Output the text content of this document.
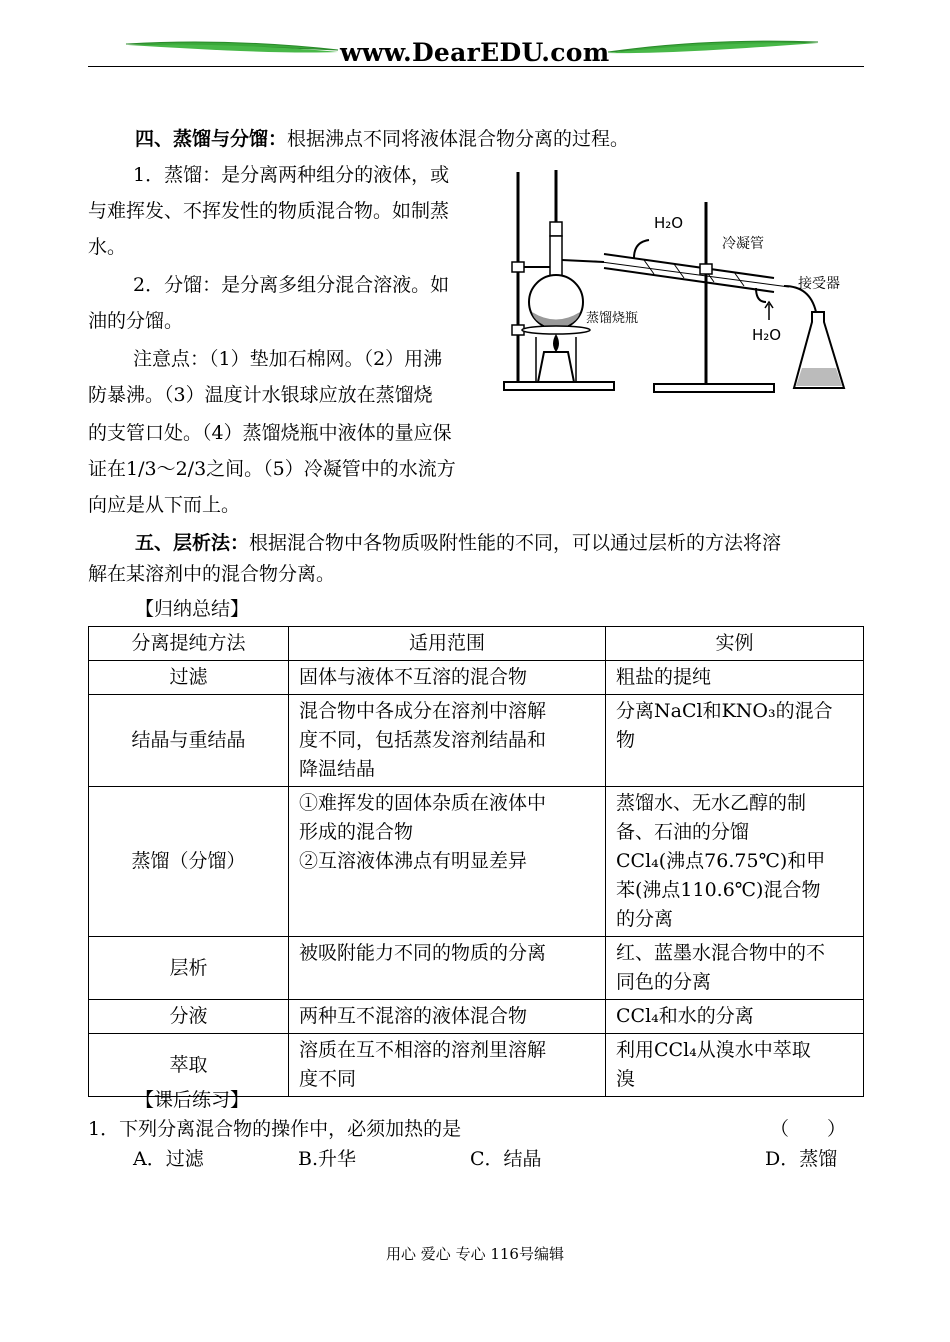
www.DearEDU.com
四、蒸馏与分馏：根据沸点不同将液体混合物分离的过程。
1．蒸馏：是分离两种组分的液体，或
与难挥发、不挥发性的物质混合物。如制蒸
水。
2．分馏：是分离多组分混合溶液。如
油的分馏。
注意点：（1）垫加石棉网。（2）用沸
防暴沸。（3）温度计水银球应放在蒸馏烧
的支管口处。（4）蒸馏烧瓶中液体的量应保
证在1/3～2/3之间。（5）冷凝管中的水流方
向应是从下而上。
H₂O
冷凝管
接受器
蒸馏烧瓶
H₂O
五、层析法：根据混合物中各物质吸附性能的不同，可以通过层析的方法将溶
解在某溶剂中的混合物分离。
【归纳总结】
分离提纯方法	适用范围	实例
过滤	固体与液体不互溶的混合物	粗盐的提纯
结晶与重结晶	混合物中各成分在溶剂中溶解
度不同，包括蒸发溶剂结晶和
降温结晶	分离NaCl和KNO₃的混合
物
蒸馏（分馏）	①难挥发的固体杂质在液体中
形成的混合物
②互溶液体沸点有明显差异	蒸馏水、无水乙醇的制
备、石油的分馏
CCl₄(沸点76.75℃)和甲
苯(沸点110.6℃)混合物
的分离
层析	被吸附能力不同的物质的分离	红、蓝墨水混合物中的不
同色的分离
分液	两种互不混溶的液体混合物	CCl₄和水的分离
萃取	溶质在互不相溶的溶剂里溶解
度不同	利用CCl₄从溴水中萃取
溴
【课后练习】
1．下列分离混合物的操作中，必须加热的是	（　　）
A．过滤	B.升华	C．结晶	D．蒸馏
用心 爱心 专心 116号编辑
